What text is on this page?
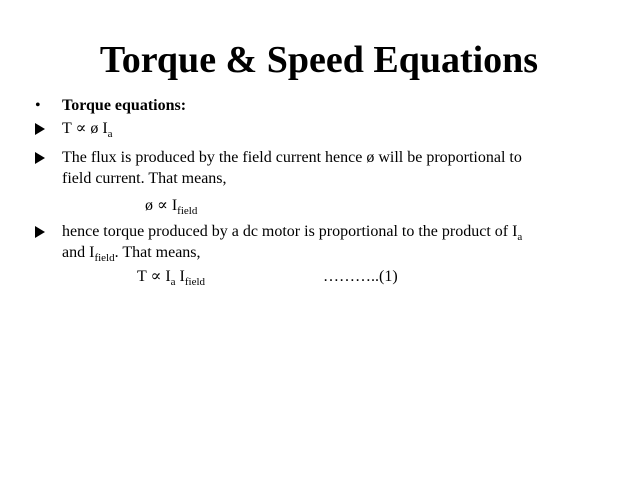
Torque & Speed Equations
• Torque equations:
T ∝ ø $I_a$
The flux is produced by the field current hence ø will be proportional to
field current. That means,
ø ∝ $I_{field}$
hence torque produced by a dc motor is proportional to the product of $I_a$
and $I_{field}$. That means,
$T \propto I_a$ $I_{field}$	………..(1)
